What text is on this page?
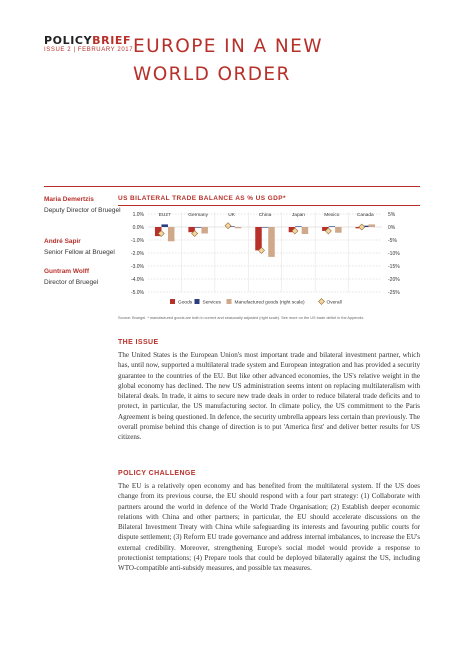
POLICYBRIEF
ISSUE 2 | FEBRUARY 2017 EUROPE IN A NEW
WORLD ORDER
Maria Demertzis
Deputy Director of Bruegel
André Sapir
Senior Fellow at Bruegel
Guntram Wolff
Director of Bruegel
US BILATERAL TRADE BALANCE AS % US GDP*
1.0%
0.0%
-1.0%
-2.0%
-3.0%
-4.0%
-5.0%
5%
0%
-5%
-10%
-15%
-20%
-25%
EU27	Germany	UK	China	Japan	Mexico	Canada
Goods Services	Manufactured goods (right scale)	Overall
Source: Bruegel. * manufactured goods are both in current and seasonally adjusted (right scale). See more on the US trade deficit in the Appendix.
THE ISSUE
The United States is the European Union's most important trade and bilateral investment partner, which has, until now, supported a multilateral trade system and European integration and has provided a security guarantee to the countries of the EU. But like other advanced economies, the US's relative weight in the global economy has declined. The new US administration seems intent on replacing multilateralism with bilateral deals. In trade, it aims to secure new trade deals in order to reduce bilateral trade deficits and to protect, in particular, the US manufacturing sector. In climate policy, the US commitment to the Paris Agreement is being questioned. In defence, the security umbrella appears less certain than previously. The overall promise behind this change of direction is to put 'America first' and deliver better results for US citizens.
POLICY CHALLENGE
The EU is a relatively open economy and has benefited from the multilateral system. If the US does change from its previous course, the EU should respond with a four part strategy: (1) Collaborate with partners around the world in defence of the World Trade Organisation; (2) Establish deeper economic relations with China and other partners; in particular, the EU should accelerate discussions on the Bilateral Investment Treaty with China while safeguarding its interests and favouring public courts for dispute settlement; (3) Reform EU trade governance and address internal imbalances, to increase the EU's external credibility. Moreover, strengthening Europe's social model would provide a response to protectionist temptations; (4) Prepare tools that could be deployed bilaterally against the US, including WTO-compatible anti-subsidy measures, and possible tax measures.
